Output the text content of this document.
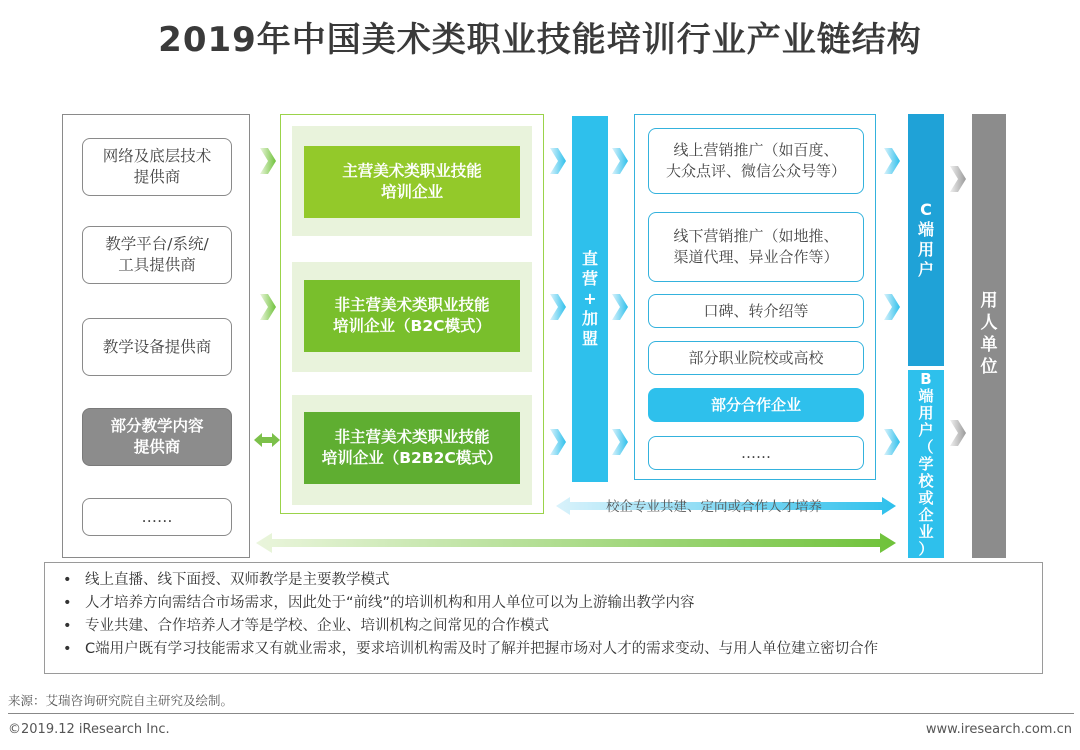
2019年中国美术类职业技能培训行业产业链结构
网络及底层技术
提供商
教学平台/系统/
工具提供商
教学设备提供商
部分教学内容
提供商
……
主营美术类职业技能
培训企业
非主营美术类职业技能
培训企业（B2C模式）
非主营美术类职业技能
培训企业（B2B2C模式）
直
营
+
加
盟
线上营销推广（如百度、
大众点评、微信公众号等）
线下营销推广（如地推、
渠道代理、异业合作等）
口碑、转介绍等
部分职业院校或高校
部分合作企业
……
C
端
用
户
B
端
用
户
（
学
校
或
企
业
）
用
人
单
位
校企专业共建、定向或合作人才培养
• 线上直播、线下面授、双师教学是主要教学模式
• 人才培养方向需结合市场需求，因此处于“前线”的培训机构和用人单位可以为上游输出教学内容
• 专业共建、合作培养人才等是学校、企业、培训机构之间常见的合作模式
• C端用户既有学习技能需求又有就业需求，要求培训机构需及时了解并把握市场对人才的需求变动、与用人单位建立密切合作
来源：艾瑞咨询研究院自主研究及绘制。
©2019.12 iResearch Inc.	www.iresearch.com.cn
